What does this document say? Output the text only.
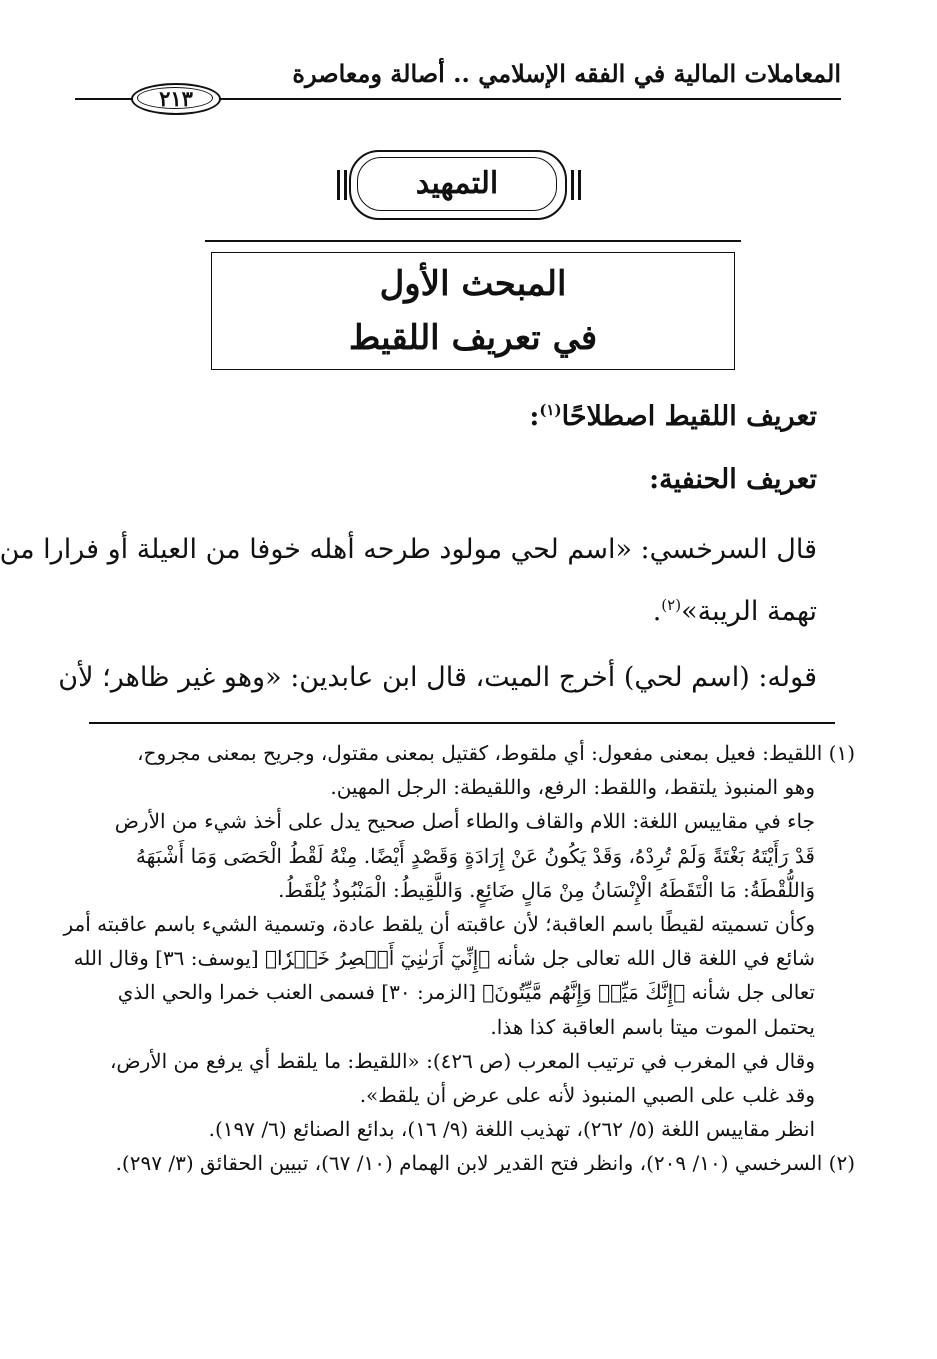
المعاملات المالية في الفقه الإسلامي .. أصالة ومعاصرة
٢١٣
التمهيد
المبحث الأول
في تعريف اللقيط
تعريف اللقيط اصطلاحًا$^{(١)}$:
تعريف الحنفية:
قال السرخسي: «اسم لحي مولود طرحه أهله خوفا من العيلة أو فرارا من
تهمة الريبة»$^{(٢)}$.
قوله: (اسم لحي) أخرج الميت، قال ابن عابدين: «وهو غير ظاهر؛ لأن
(١) اللقيط: فعيل بمعنى مفعول: أي ملقوط، كقتيل بمعنى مقتول، وجريح بمعنى مجروح،
وهو المنبوذ يلتقط، واللقط: الرفع، واللقيطة: الرجل المهين.
جاء في مقاييس اللغة: اللام والقاف والطاء أصل صحيح يدل على أخذ شيء من الأرض
قَدْ رَأَيْتَهُ بَغْتَةً وَلَمْ تُرِدْهُ، وَقَدْ يَكُونُ عَنْ إِرَادَةٍ وَقَصْدٍ أَيْضًا. مِنْهُ لَقْطُ الْحَصَى وَمَا أَشْبَهَهُ
وَاللُّقْطَةُ: مَا الْتَقَطَهُ الْإِنْسَانُ مِنْ مَالٍ ضَائِعٍ. وَاللَّقِيطُ: الْمَنْبُوذُ يُلْقَطُ.
وكأن تسميته لقيطًا باسم العاقبة؛ لأن عاقبته أن يلقط عادة، وتسمية الشيء باسم عاقبته أمر
شائع في اللغة قال الله تعالى جل شأنه ﴿إِنِّيٓ أَرَىٰنِيٓ أَعۡصِرُ خَمۡرٗا﴾ [يوسف: ٣٦] وقال الله
تعالى جل شأنه ﴿إِنَّكَ مَيِّتٞ وَإِنَّهُم مَّيِّتُونَ﴾ [الزمر: ٣٠] فسمى العنب خمرا والحي الذي
يحتمل الموت ميتا باسم العاقبة كذا هذا.
وقال في المغرب في ترتيب المعرب (ص ٤٢٦): «اللقيط: ما يلقط أي يرفع من الأرض،
وقد غلب على الصبي المنبوذ لأنه على عرض أن يلقط».
انظر مقاييس اللغة (٥/ ٢٦٢)، تهذيب اللغة (٩/ ١٦)، بدائع الصنائع (٦/ ١٩٧).
(٢) السرخسي (١٠/ ٢٠٩)، وانظر فتح القدير لابن الهمام (١٠/ ٦٧)، تبيين الحقائق (٣/ ٢٩٧).
